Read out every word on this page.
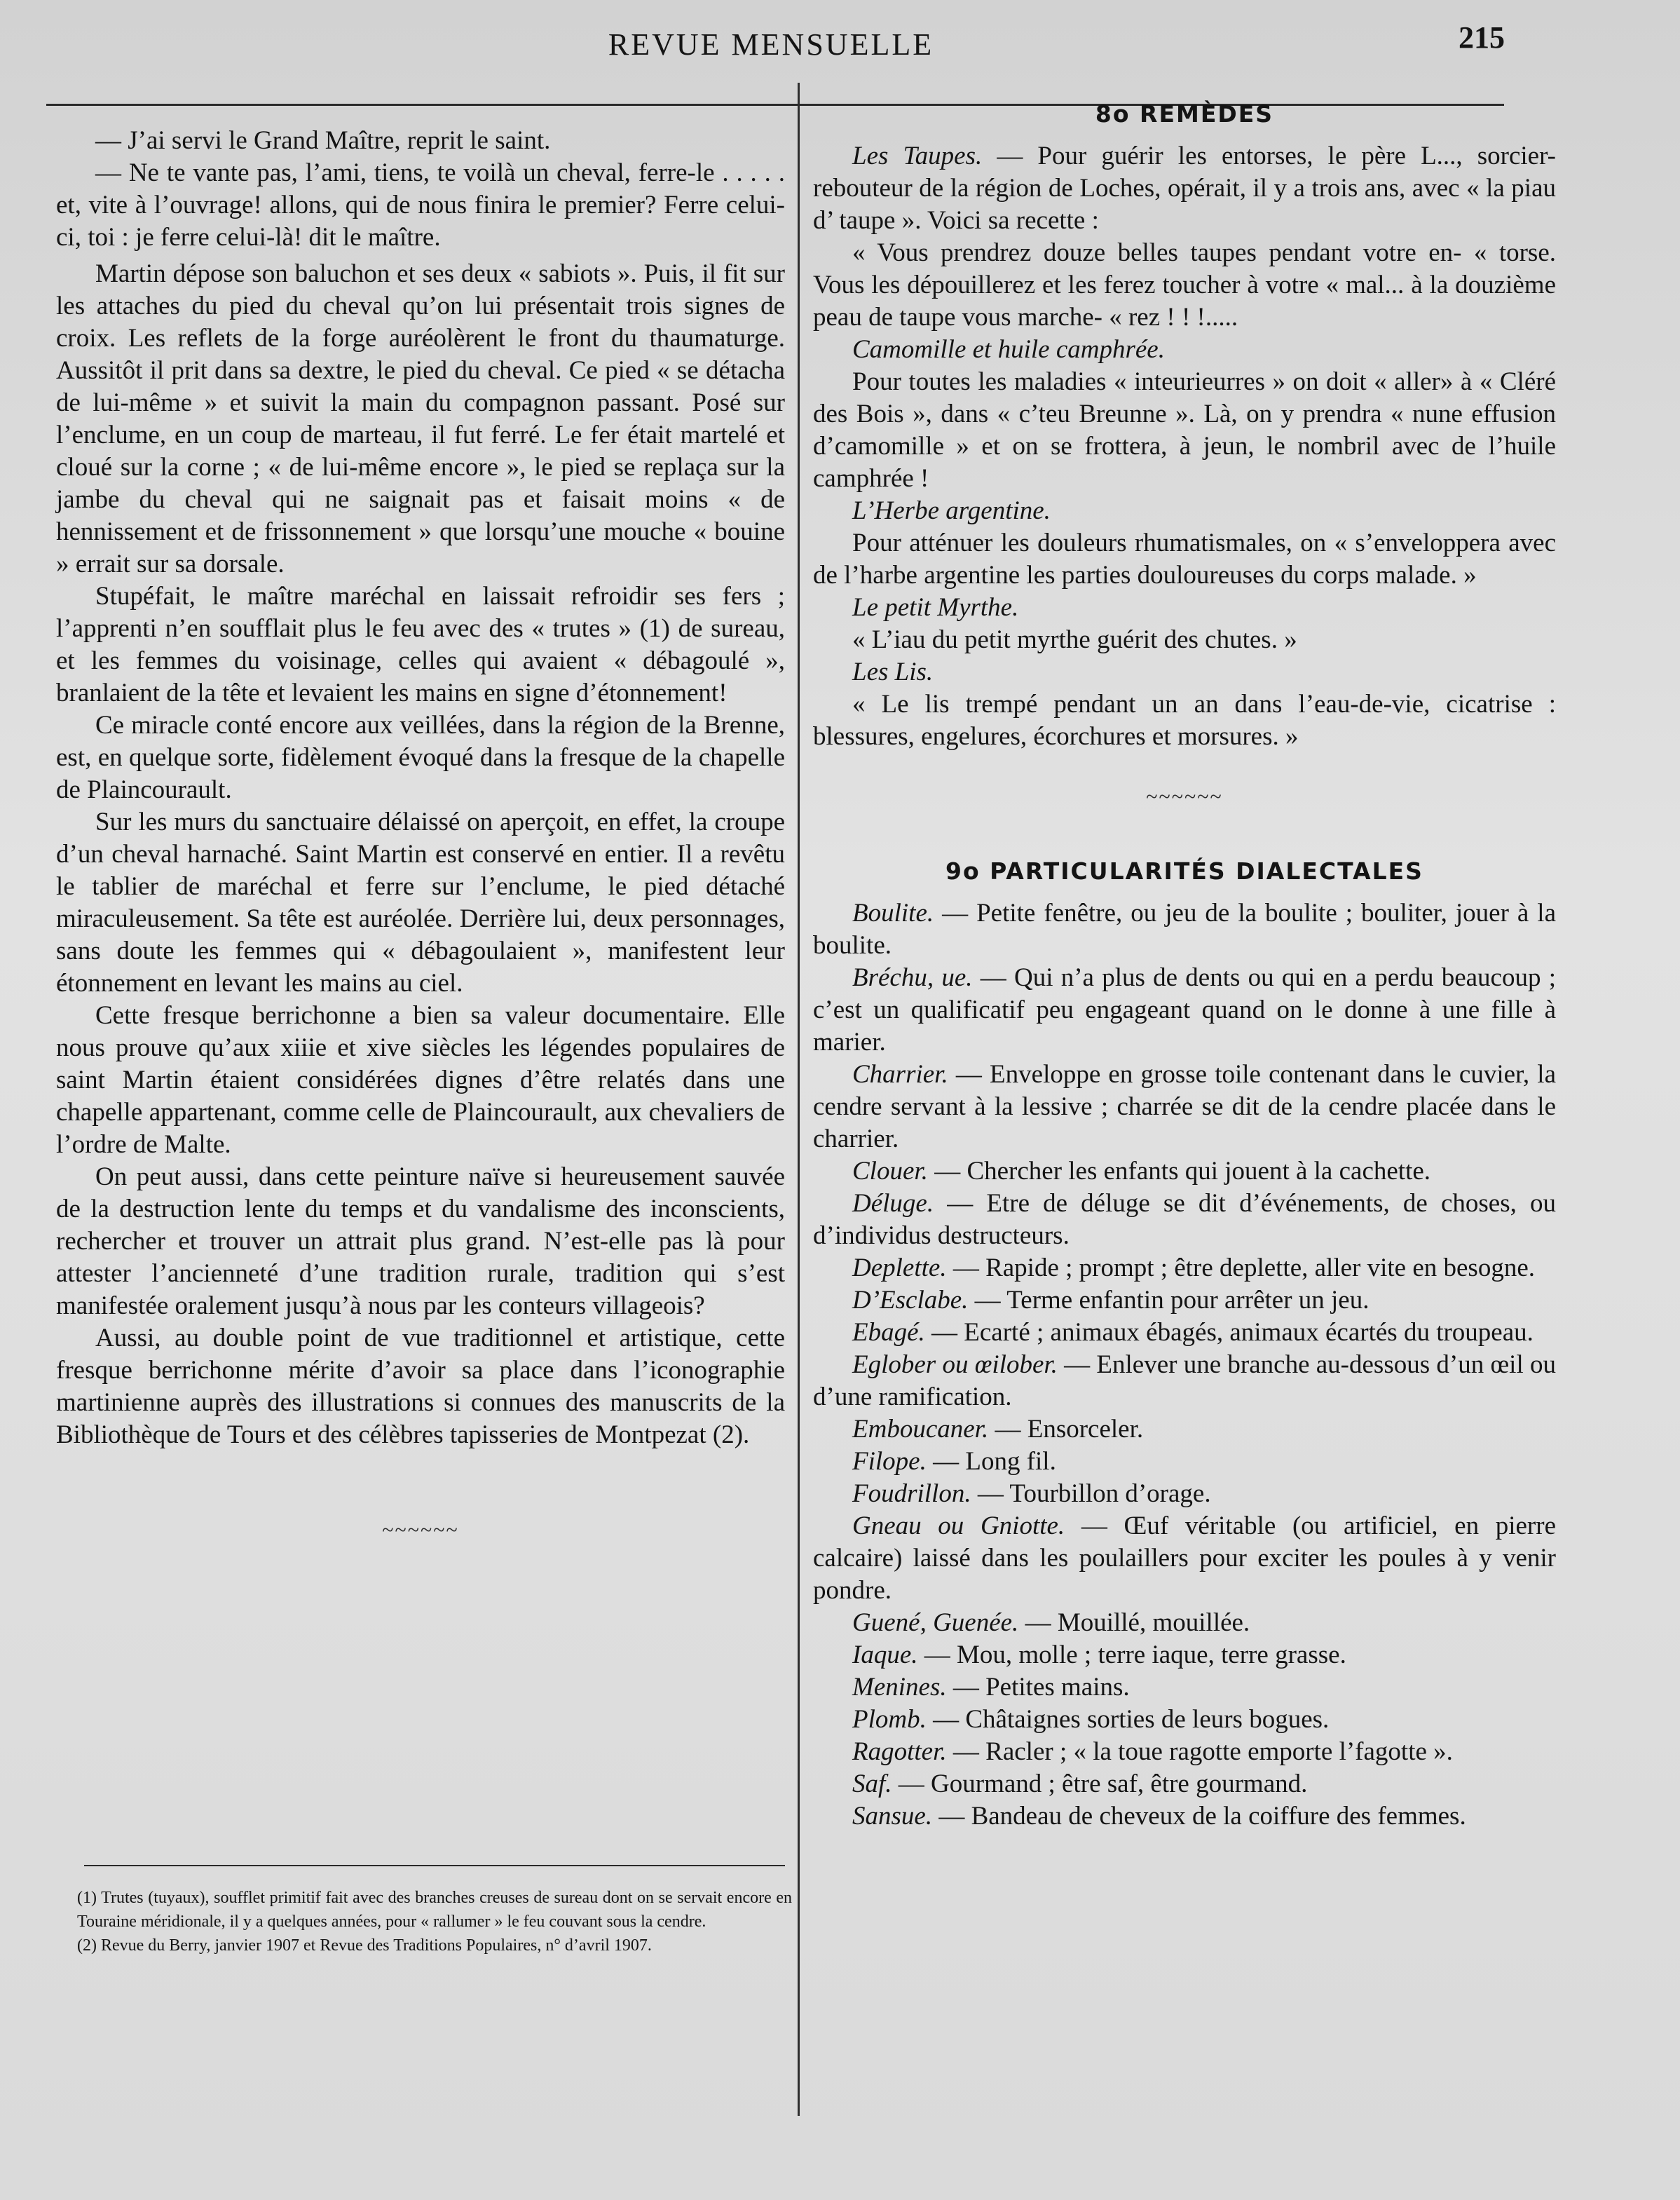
REVUE MENSUELLE	215

— J’ai servi le Grand Maître, reprit le saint.

— Ne te vante pas, l’ami, tiens, te voilà un cheval, ferre-le . . . . . et, vite à l’ouvrage! allons, qui de nous finira le premier? Ferre celui-ci, toi : je ferre celui-là! dit le maître.

Martin dépose son baluchon et ses deux « sabiots ». Puis, il fit sur les attaches du pied du cheval qu’on lui présentait trois signes de croix. Les reflets de la forge auréolèrent le front du thaumaturge. Aussitôt il prit dans sa dextre, le pied du cheval. Ce pied « se détacha de lui-même » et suivit la main du compagnon passant. Posé sur l’enclume, en un coup de marteau, il fut ferré. Le fer était martelé et cloué sur la corne ; « de lui-même encore », le pied se replaça sur la jambe du cheval qui ne saignait pas et faisait moins « de hennissement et de frissonnement » que lorsqu’une mouche « bouine » errait sur sa dorsale.

Stupéfait, le maître maréchal en laissait refroidir ses fers ; l’apprenti n’en soufflait plus le feu avec des « trutes » (1) de sureau, et les femmes du voisinage, celles qui avaient « débagoulé », branlaient de la tête et levaient les mains en signe d’étonnement!

Ce miracle conté encore aux veillées, dans la région de la Brenne, est, en quelque sorte, fidèlement évoqué dans la fresque de la chapelle de Plaincourault.

Sur les murs du sanctuaire délaissé on aperçoit, en effet, la croupe d’un cheval harnaché. Saint Martin est conservé en entier. Il a revêtu le tablier de maréchal et ferre sur l’enclume, le pied détaché miraculeusement. Sa tête est auréolée. Derrière lui, deux personnages, sans doute les femmes qui « débagoulaient », manifestent leur étonnement en levant les mains au ciel.

Cette fresque berrichonne a bien sa valeur documentaire. Elle nous prouve qu’aux xiiie et xive siècles les légendes populaires de saint Martin étaient considérées dignes d’être relatés dans une chapelle appartenant, comme celle de Plaincourault, aux chevaliers de l’ordre de Malte.

On peut aussi, dans cette peinture naïve si heureusement sauvée de la destruction lente du temps et du vandalisme des inconscients, rechercher et trouver un attrait plus grand. N’est-elle pas là pour attester l’ancienneté d’une tradition rurale, tradition qui s’est manifestée oralement jusqu’à nous par les conteurs villageois?

Aussi, au double point de vue traditionnel et artistique, cette fresque berrichonne mérite d’avoir sa place dans l’iconographie martinienne auprès des illustrations si connues des manuscrits de la Bibliothèque de Tours et des célèbres tapisseries de Montpezat (2).

~~~~~~

(1) Trutes (tuyaux), soufflet primitif fait avec des branches creuses de sureau dont on se servait encore en Touraine méridionale, il y a quelques années, pour « rallumer » le feu couvant sous la cendre.

(2) Revue du Berry, janvier 1907 et Revue des Traditions Populaires, n° d’avril 1907.

8o REMÈDES

Les Taupes. — Pour guérir les entorses, le père L..., sorcier-rebouteur de la région de Loches, opérait, il y a trois ans, avec « la piau d’ taupe ». Voici sa recette :

« Vous prendrez douze belles taupes pendant votre en- « torse. Vous les dépouillerez et les ferez toucher à votre « mal... à la douzième peau de taupe vous marche- « rez ! ! !.....

Camomille et huile camphrée.

Pour toutes les maladies « inteurieurres » on doit « aller» à « Cléré des Bois », dans « c’teu Breunne ». Là, on y prendra « nune effusion d’camomille » et on se frottera, à jeun, le nombril avec de l’huile camphrée !

L’Herbe argentine.

Pour atténuer les douleurs rhumatismales, on « s’enveloppera avec de l’harbe argentine les parties douloureuses du corps malade. »

Le petit Myrthe.

« L’iau du petit myrthe guérit des chutes. »

Les Lis.

« Le lis trempé pendant un an dans l’eau-de-vie, cicatrise : blessures, engelures, écorchures et morsures. »

~~~~~~
9o PARTICULARITÉS DIALECTALES

Boulite. — Petite fenêtre, ou jeu de la boulite ; bouliter, jouer à la boulite.

Bréchu, ue. — Qui n’a plus de dents ou qui en a perdu beaucoup ; c’est un qualificatif peu engageant quand on le donne à une fille à marier.

Charrier. — Enveloppe en grosse toile contenant dans le cuvier, la cendre servant à la lessive ; charrée se dit de la cendre placée dans le charrier.

Clouer. — Chercher les enfants qui jouent à la cachette.

Déluge. — Etre de déluge se dit d’événements, de choses, ou d’individus destructeurs.

Deplette. — Rapide ; prompt ; être deplette, aller vite en besogne.

D’Esclabe. — Terme enfantin pour arrêter un jeu.

Ebagé. — Ecarté ; animaux ébagés, animaux écartés du troupeau.

Eglober ou œilober. — Enlever une branche au-dessous d’un œil ou d’une ramification.

Emboucaner. — Ensorceler.

Filope. — Long fil.

Foudrillon. — Tourbillon d’orage.

Gneau ou Gniotte. — Œuf véritable (ou artificiel, en pierre calcaire) laissé dans les poulaillers pour exciter les poules à y venir pondre.

Guené, Guenée. — Mouillé, mouillée.

Iaque. — Mou, molle ; terre iaque, terre grasse.

Menines. — Petites mains.

Plomb. — Châtaignes sorties de leurs bogues.

Ragotter. — Racler ; « la toue ragotte emporte l’fagotte ».

Saf. — Gourmand ; être saf, être gourmand.

Sansue. — Bandeau de cheveux de la coiffure des femmes.
